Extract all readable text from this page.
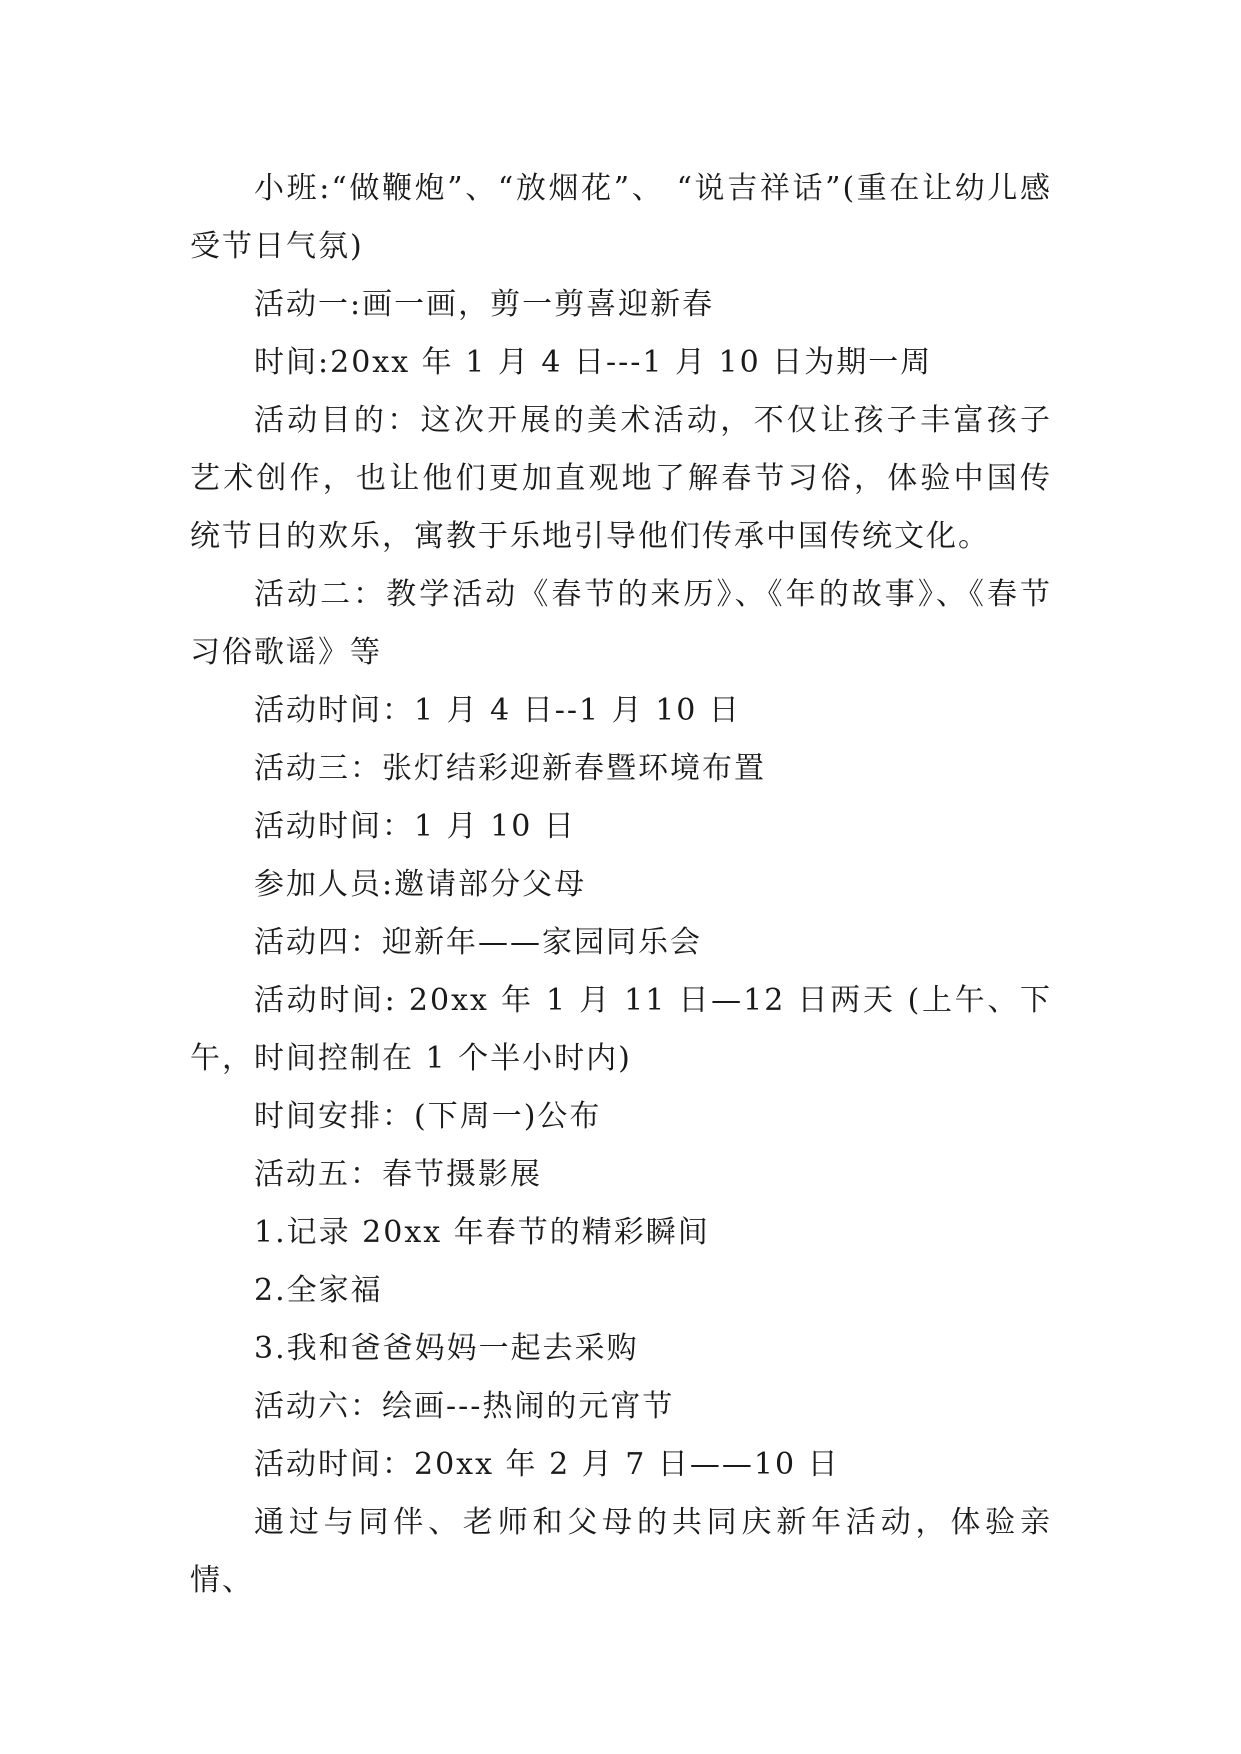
小班:“做鞭炮”、“放烟花”、 “说吉祥话”(重在让幼儿感受节日气氛)

活动一:画一画，剪一剪喜迎新春

时间:20xx 年 1 月 4 日---1 月 10 日为期一周

活动目的：这次开展的美术活动，不仅让孩子丰富孩子艺术创作，也让他们更加直观地了解春节习俗，体验中国传统节日的欢乐，寓教于乐地引导他们传承中国传统文化。

活动二：教学活动《春节的来历》、《年的故事》、《春节习俗歌谣》等

活动时间：1 月 4 日--1 月 10 日

活动三：张灯结彩迎新春暨环境布置

活动时间：1 月 10 日

参加人员:邀请部分父母

活动四：迎新年——家园同乐会

活动时间: 20xx 年 1 月 11 日—12 日两天 (上午、下午，时间控制在 1 个半小时内)

时间安排：(下周一)公布

活动五：春节摄影展

1.记录 20xx 年春节的精彩瞬间

2.全家福

3.我和爸爸妈妈一起去采购

活动六：绘画---热闹的元宵节

活动时间：20xx 年 2 月 7 日——10 日

通过与同伴、老师和父母的共同庆新年活动，体验亲情、
